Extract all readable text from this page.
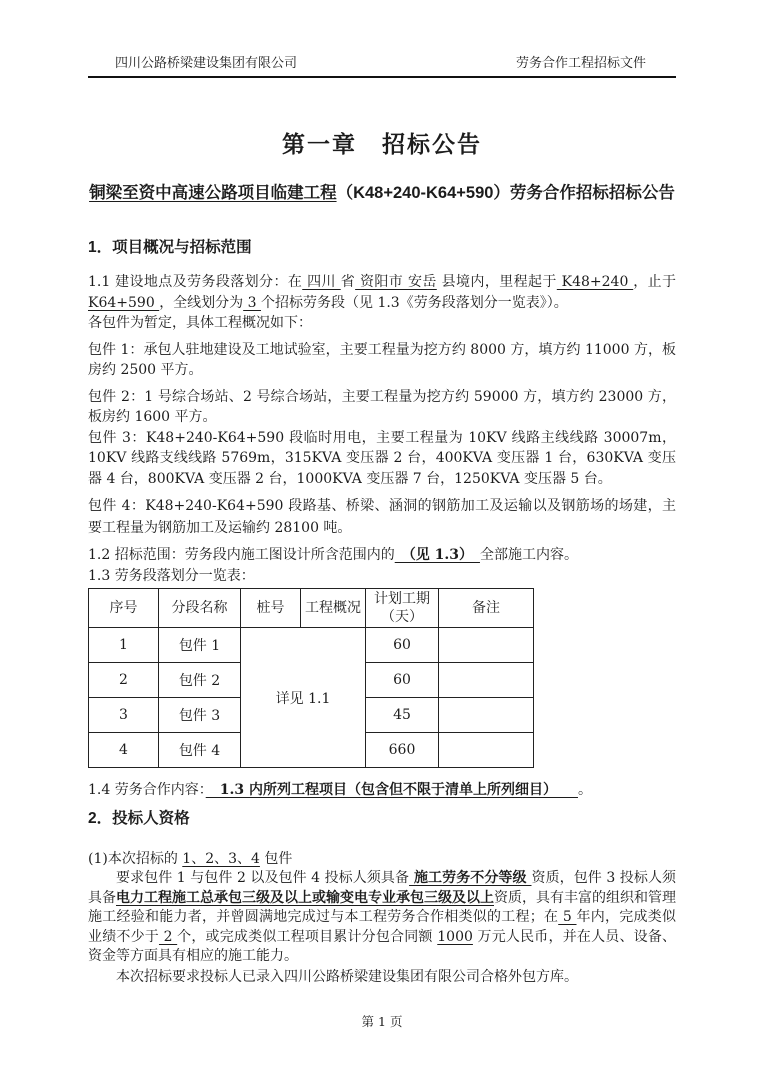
四川公路桥梁建设集团有限公司	劳务合作工程招标文件
第一章　招标公告
铜梁至资中高速公路项目临建工程（K48+240-K64+590）劳务合作招标招标公告
1．项目概况与招标范围

1.1 建设地点及劳务段落划分：在 四川 省 资阳市 安岳 县境内，里程起于 K48+240 ，止于 K64+590 ，全线划分为 3 个招标劳务段（见 1.3《劳务段落划分一览表》）。

各包件为暂定，具体工程概况如下：

包件 1：承包人驻地建设及工地试验室，主要工程量为挖方约 8000 方，填方约 11000 方，板房约 2500 平方。

包件 2：1 号综合场站、2 号综合场站，主要工程量为挖方约 59000 方，填方约 23000 方，板房约 1600 平方。

包件 3：K48+240-K64+590 段临时用电，主要工程量为 10KV 线路主线线路 30007m，10KV 线路支线线路 5769m，315KVA 变压器 2 台，400KVA 变压器 1 台，630KVA 变压器 4 台，800KVA 变压器 2 台，1000KVA 变压器 7 台，1250KVA 变压器 5 台。

包件 4：K48+240-K64+590 段路基、桥梁、涵洞的钢筋加工及运输以及钢筋场的场建，主要工程量为钢筋加工及运输约 28100 吨。

1.2 招标范围：劳务段内施工图设计所含范围内的　（见 1.3）　全部施工内容。

1.3 劳务段落划分一览表：

序号	分段名称	桩号	工程概况	计划工期（天）	备注
1	包件 1	详见 1.1		60	
2	包件 2			60	
3	包件 3			45	
4	包件 4			660	

1.4 劳务合作内容：　1.3 内所列工程项目（包含但不限于清单上所列细目）　　。

2．投标人资格

(1)本次招标的 1、2、3、4 包件

要求包件 1 与包件 2 以及包件 4 投标人须具备 施工劳务不分等级 资质，包件 3 投标人须具备电力工程施工总承包三级及以上或输变电专业承包三级及以上资质，具有丰富的组织和管理施工经验和能力者，并曾圆满地完成过与本工程劳务合作相类似的工程；在 5 年内，完成类似业绩不少于 2 个，或完成类似工程项目累计分包合同额 1000 万元人民币，并在人员、设备、资金等方面具有相应的施工能力。

本次招标要求投标人已录入四川公路桥梁建设集团有限公司合格外包方库。

第 1 页
